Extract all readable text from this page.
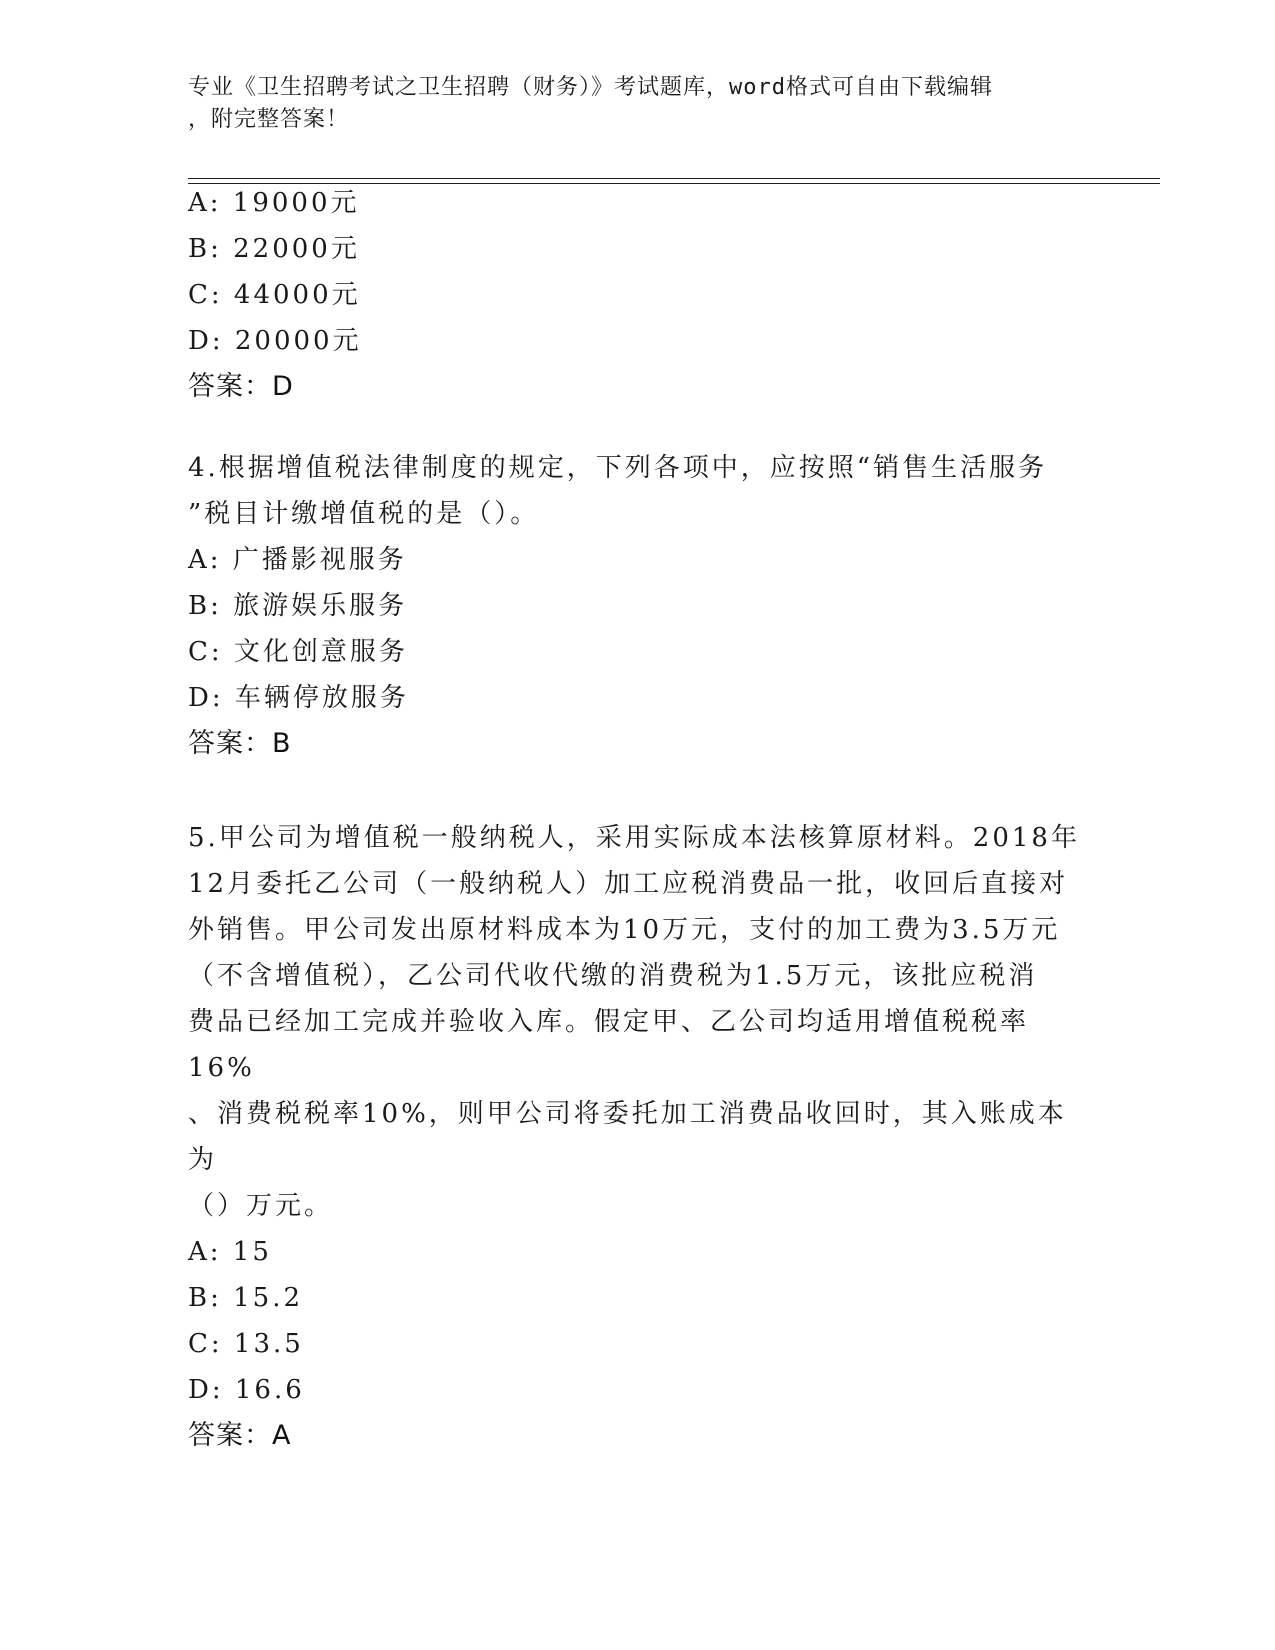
专业《卫生招聘考试之卫生招聘（财务）》考试题库，word格式可自由下载编辑
，附完整答案！
A: 19000元
B: 22000元
C: 44000元
D: 20000元
答案：D
4.根据增值税法律制度的规定，下列各项中，应按照“销售生活服务
”税目计缴增值税的是（）。
A: 广播影视服务
B: 旅游娱乐服务
C: 文化创意服务
D: 车辆停放服务
答案：B
5.甲公司为增值税一般纳税人，采用实际成本法核算原材料。2018年
12月委托乙公司（一般纳税人）加工应税消费品一批，收回后直接对
外销售。甲公司发出原材料成本为10万元，支付的加工费为3.5万元
（不含增值税），乙公司代收代缴的消费税为1.5万元，该批应税消
费品已经加工完成并验收入库。假定甲、乙公司均适用增值税税率16%
、消费税税率10%，则甲公司将委托加工消费品收回时，其入账成本为
（）万元。
A: 15
B: 15.2
C: 13.5
D: 16.6
答案：A
